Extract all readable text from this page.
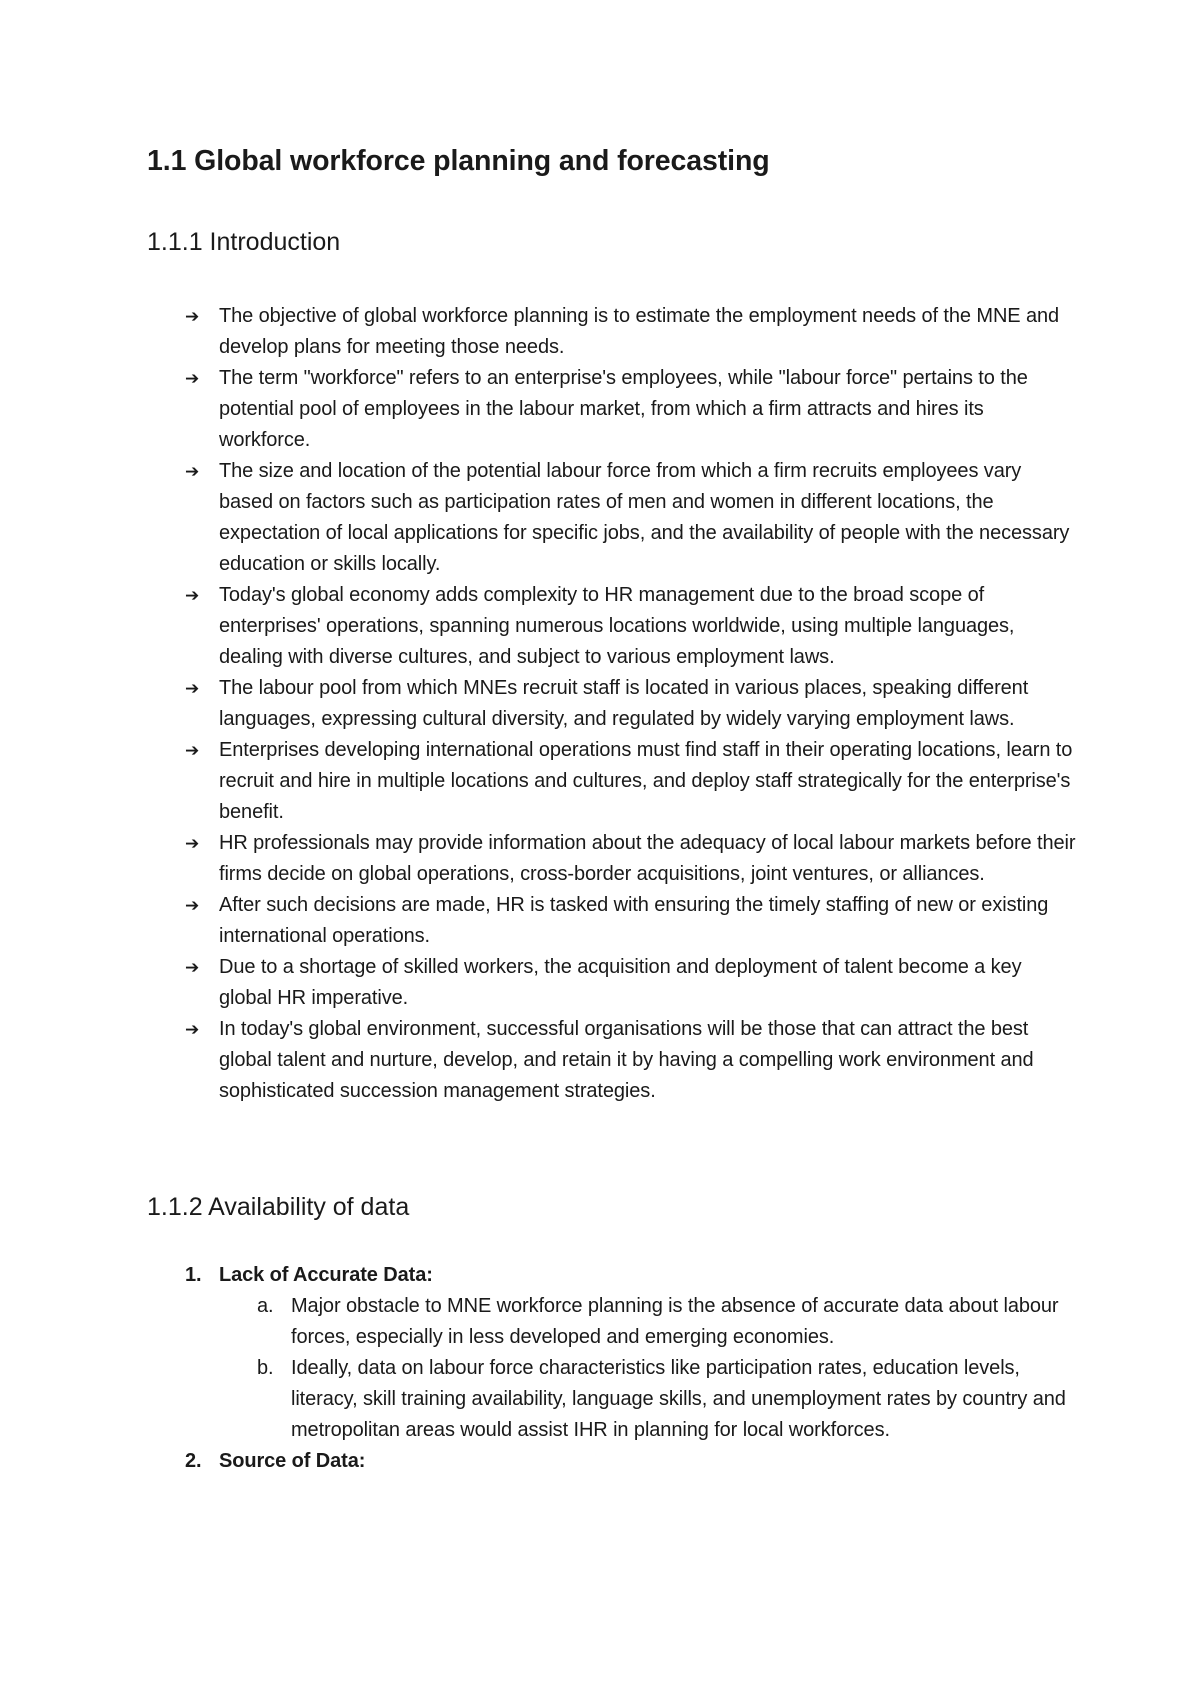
1.1 Global workforce planning and forecasting
1.1.1 Introduction
➔ The objective of global workforce planning is to estimate the employment needs of the MNE and develop plans for meeting those needs.
➔ The term "workforce" refers to an enterprise's employees, while "labour force" pertains to the potential pool of employees in the labour market, from which a firm attracts and hires its workforce.
➔ The size and location of the potential labour force from which a firm recruits employees vary based on factors such as participation rates of men and women in different locations, the expectation of local applications for specific jobs, and the availability of people with the necessary education or skills locally.
➔ Today's global economy adds complexity to HR management due to the broad scope of enterprises' operations, spanning numerous locations worldwide, using multiple languages, dealing with diverse cultures, and subject to various employment laws.
➔ The labour pool from which MNEs recruit staff is located in various places, speaking different languages, expressing cultural diversity, and regulated by widely varying employment laws.
➔ Enterprises developing international operations must find staff in their operating locations, learn to recruit and hire in multiple locations and cultures, and deploy staff strategically for the enterprise's benefit.
➔ HR professionals may provide information about the adequacy of local labour markets before their firms decide on global operations, cross-border acquisitions, joint ventures, or alliances.
➔ After such decisions are made, HR is tasked with ensuring the timely staffing of new or existing international operations.
➔ Due to a shortage of skilled workers, the acquisition and deployment of talent become a key global HR imperative.
➔ In today's global environment, successful organisations will be those that can attract the best global talent and nurture, develop, and retain it by having a compelling work environment and sophisticated succession management strategies.
1.1.2 Availability of data
1. Lack of Accurate Data:
a. Major obstacle to MNE workforce planning is the absence of accurate data about labour forces, especially in less developed and emerging economies.
b. Ideally, data on labour force characteristics like participation rates, education levels, literacy, skill training availability, language skills, and unemployment rates by country and metropolitan areas would assist IHR in planning for local workforces.
2. Source of Data:
